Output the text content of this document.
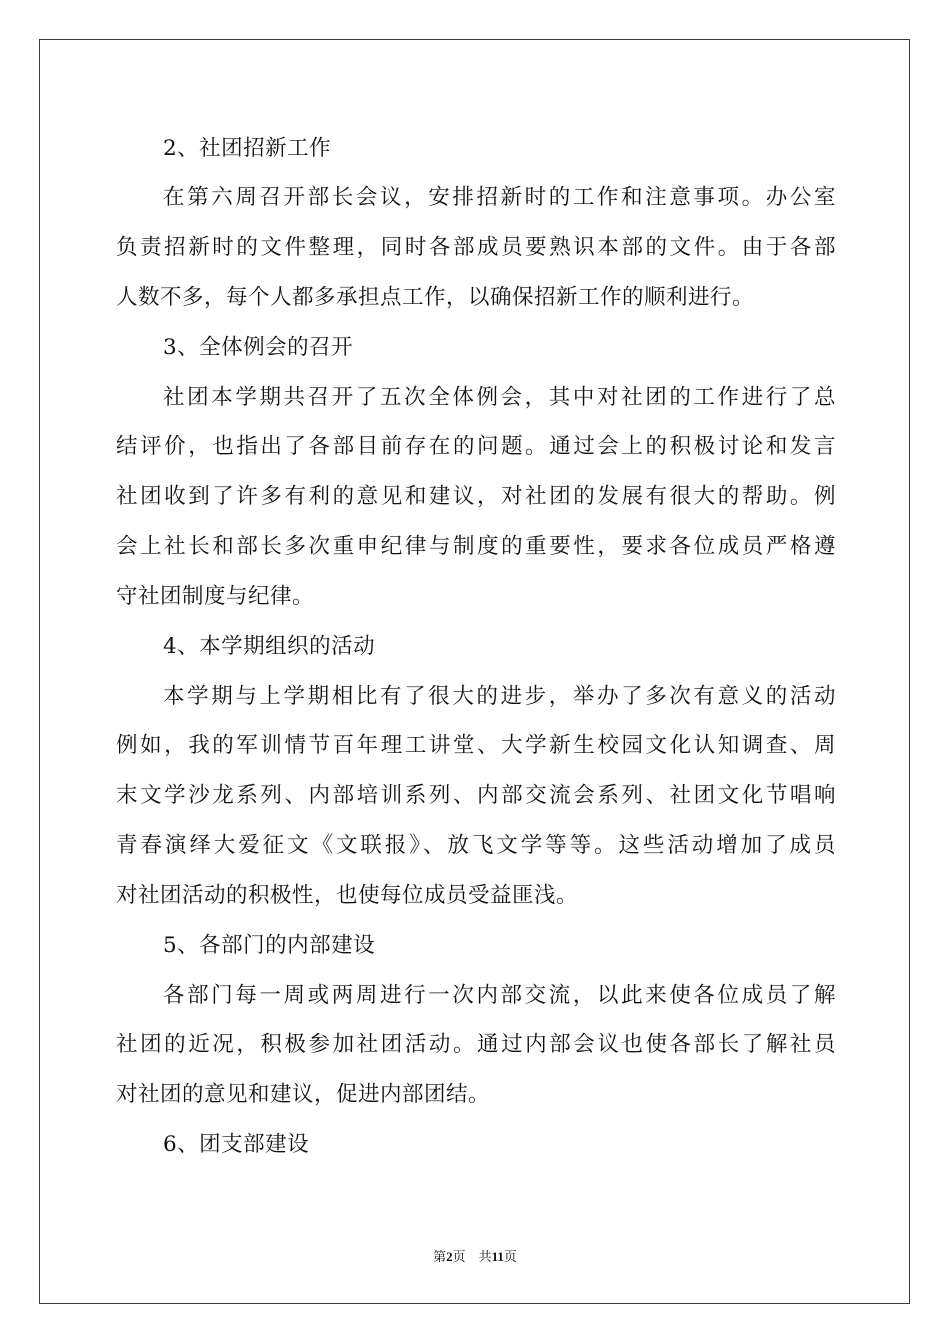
2、社团招新工作
在第六周召开部长会议，安排招新时的工作和注意事项。办公室
负责招新时的文件整理，同时各部成员要熟识本部的文件。由于各部
人数不多，每个人都多承担点工作，以确保招新工作的顺利进行。
3、全体例会的召开
社团本学期共召开了五次全体例会，其中对社团的工作进行了总
结评价，也指出了各部目前存在的问题。通过会上的积极讨论和发言
社团收到了许多有利的意见和建议，对社团的发展有很大的帮助。例
会上社长和部长多次重申纪律与制度的重要性，要求各位成员严格遵
守社团制度与纪律。
4、本学期组织的活动
本学期与上学期相比有了很大的进步，举办了多次有意义的活动
例如，我的军训情节百年理工讲堂、大学新生校园文化认知调查、周
末文学沙龙系列、内部培训系列、内部交流会系列、社团文化节唱响
青春演绎大爱征文《文联报》、放飞文学等等。这些活动增加了成员
对社团活动的积极性，也使每位成员受益匪浅。
5、各部门的内部建设
各部门每一周或两周进行一次内部交流，以此来使各位成员了解
社团的近况，积极参加社团活动。通过内部会议也使各部长了解社员
对社团的意见和建议，促进内部团结。
6、团支部建设
第2页 共11页
